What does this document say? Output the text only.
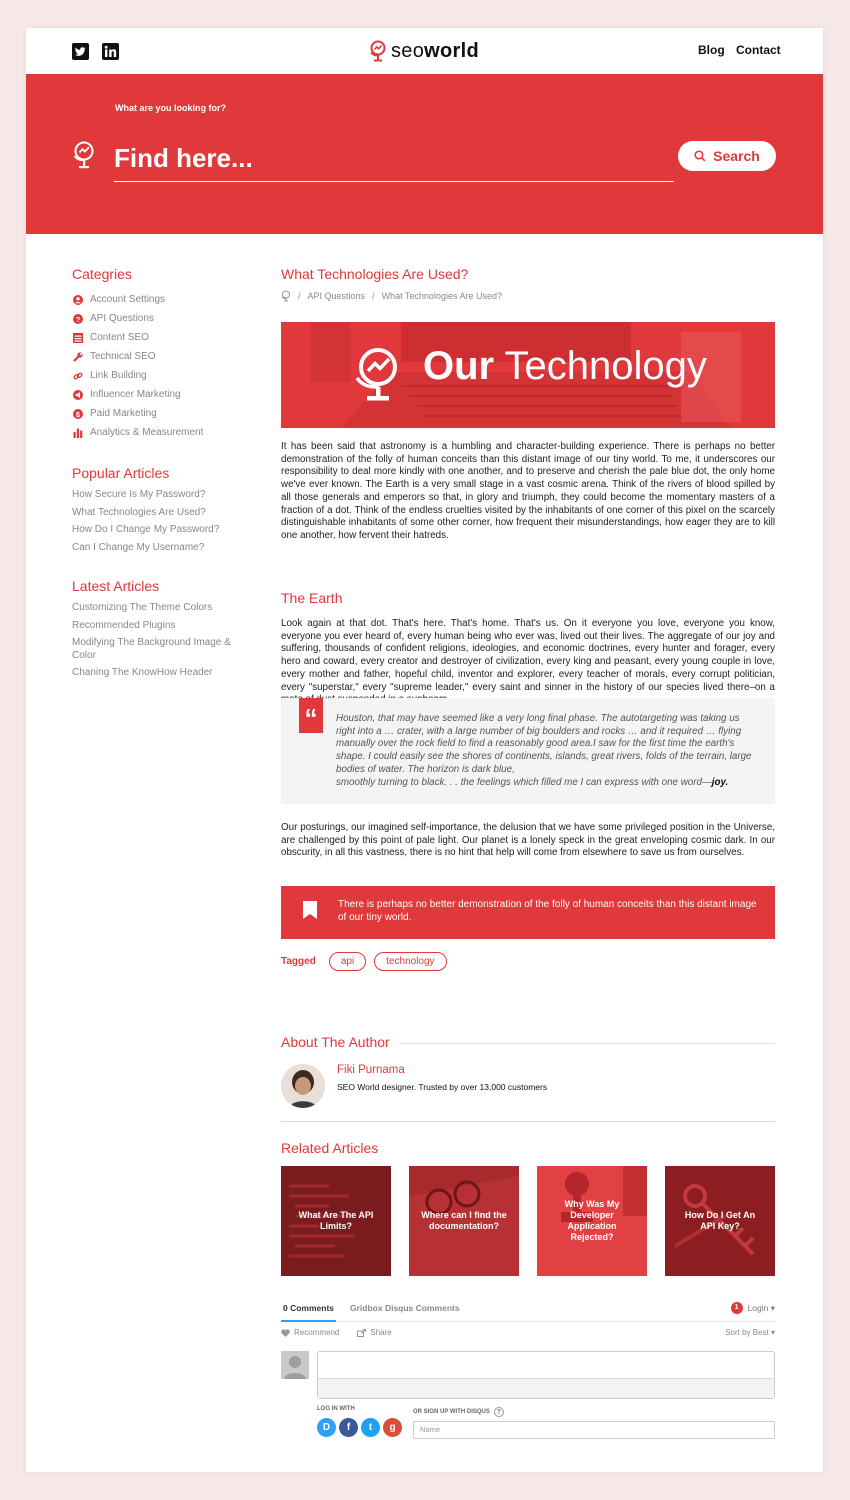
seoworld	Blog Contact
What are you looking for?
Find here...	Search
Categries
Account Settings
? API Questions
Content SEO
Technical SEO
Link Building
Influencer Marketing
$ Paid Marketing
Analytics & Measurement
Popular Articles
How Secure Is My Password?
What Technologies Are Used?
How Do I Change My Password?
Can I Change My Username?
Latest Articles
Customizing The Theme Colors
Recommended Plugins
Modifying The Background Image & Color
Chaning The KnowHow Header
What Technologies Are Used?
/ API Questions / What Technologies Are Used?
Our Technology
It has been said that astronomy is a humbling and character-building experience. There is perhaps no better demonstration of the folly of human conceits than this distant image of our tiny world. To me, it underscores our responsibility to deal more kindly with one another, and to preserve and cherish the pale blue dot, the only home we've ever known. The Earth is a very small stage in a vast cosmic arena. Think of the rivers of blood spilled by all those generals and emperors so that, in glory and triumph, they could become the momentary masters of a fraction of a dot. Think of the endless cruelties visited by the inhabitants of one corner of this pixel on the scarcely distinguishable inhabitants of some other corner, how frequent their misunderstandings, how eager they are to kill one another, how fervent their hatreds.
The Earth
Look again at that dot. That's here. That's home. That's us. On it everyone you love, everyone you know, everyone you ever heard of, every human being who ever was, lived out their lives. The aggregate of our joy and suffering, thousands of confident religions, ideologies, and economic doctrines, every hunter and forager, every hero and coward, every creator and destroyer of civilization, every king and peasant, every young couple in love, every mother and father, hopeful child, inventor and explorer, every teacher of morals, every corrupt politician, every "superstar," every "supreme leader," every saint and sinner in the history of our species lived there–on a
“	Houston, that may have seemed like a very long final phase. The autotargeting was taking us right into a … crater, with a large number of big boulders and rocks … and it required … flying manually over the rock field to find a reasonably good area.I saw for the first time the earth's shape. I could easily see the shores of continents, islands, great rivers, folds of the terrain, large bodies of water. The horizon is dark blue,
smoothly turning to black. . . the feelings which filled me I can express with one word—joy.
Our posturings, our imagined self-importance, the delusion that we have some privileged position in the Universe, are challenged by this point of pale light. Our planet is a lonely speck in the great enveloping cosmic dark. In our obscurity, in all this vastness, there is no hint that help will come from elsewhere to save us from ourselves.
There is perhaps no better demonstration of the folly of human conceits than this distant image of our tiny world.
Tagged	api	technology
About The Author
Fiki Purnama
SEO World designer. Trusted by over 13,000 customers
Related Articles
What Are The API Limits?
Where can I find the documentation?
Why Was My Developer Application Rejected?
How Do I Get An API Key?
0 Comments Gridbox Disqus Comments	1	Login ▾
Recommend	Share	Sort by Best ▾
LOG IN WITH	OR SIGN UP WITH DISQUS ?
D	f	t	g	Name
